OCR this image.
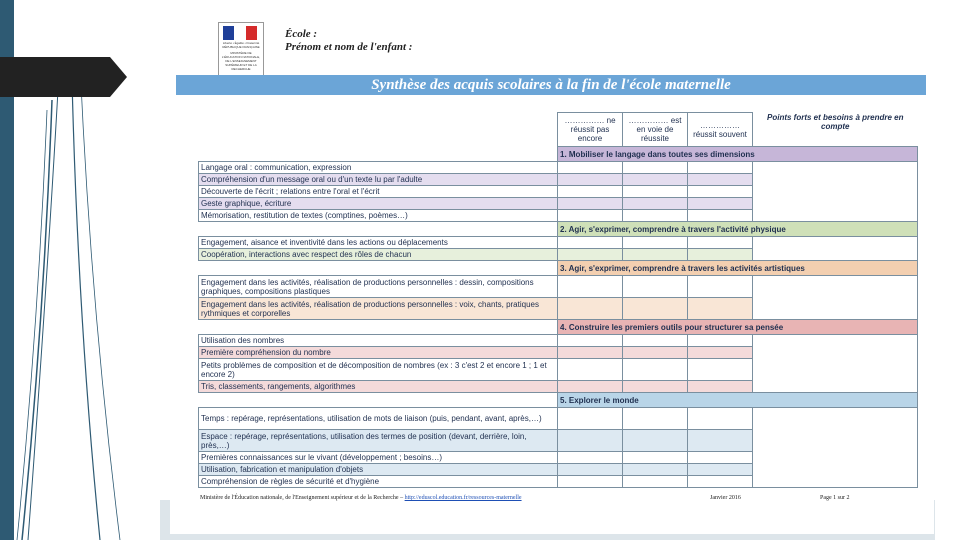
Liberté • Égalité • Fraternité RÉPUBLIQUE FRANÇAISE
MINISTÈRE DE L'ÉDUCATION NATIONALE, DE L'ENSEIGNEMENT SUPÉRIEUR ET DE LA RECHERCHE
École :
Prénom et nom de l'enfant :
Synthèse des acquis scolaires à la fin de l'école maternelle
…………… ne réussit pas encore	…………… est en voie de réussite	…………… réussit souvent	Points forts et besoins à prendre en compte
	1. Mobiliser le langage dans toutes ses dimensions			
Langage oral : communication, expression				
Compréhension d'un message oral ou d'un texte lu par l'adulte				
Découverte de l'écrit ; relations entre l'oral et l'écrit				
Geste graphique, écriture				
Mémorisation, restitution de textes (comptines, poèmes…)				
	2. Agir, s'exprimer, comprendre à travers l'activité physique			
Engagement, aisance et inventivité dans les actions ou déplacements				
Coopération, interactions avec respect des rôles de chacun				
	3. Agir, s'exprimer, comprendre à travers les activités artistiques			
Engagement dans les activités, réalisation de productions personnelles : dessin, compositions graphiques, compositions plastiques				
Engagement dans les activités, réalisation de productions personnelles : voix, chants, pratiques rythmiques et corporelles				
	4. Construire les premiers outils pour structurer sa pensée			
Utilisation des nombres				
Première compréhension du nombre				
Petits problèmes de composition et de décomposition de nombres (ex : 3 c'est 2 et encore 1 ; 1 et encore 2)				
Tris, classements, rangements, algorithmes				
	5. Explorer le monde			
Temps : repérage, représentations, utilisation de mots de liaison (puis, pendant, avant, après,…)				
Espace : repérage, représentations, utilisation des termes de position (devant, derrière, loin, près,…)				
Premières connaissances sur le vivant (développement ; besoins…)				
Utilisation, fabrication et manipulation d'objets				
Compréhension de règles de sécurité et d'hygiène				
Ministère de l'Éducation nationale, de l'Enseignement supérieur et de la Recherche – http://eduscol.education.fr/ressources-maternelle	Janvier 2016	Page 1 sur 2
